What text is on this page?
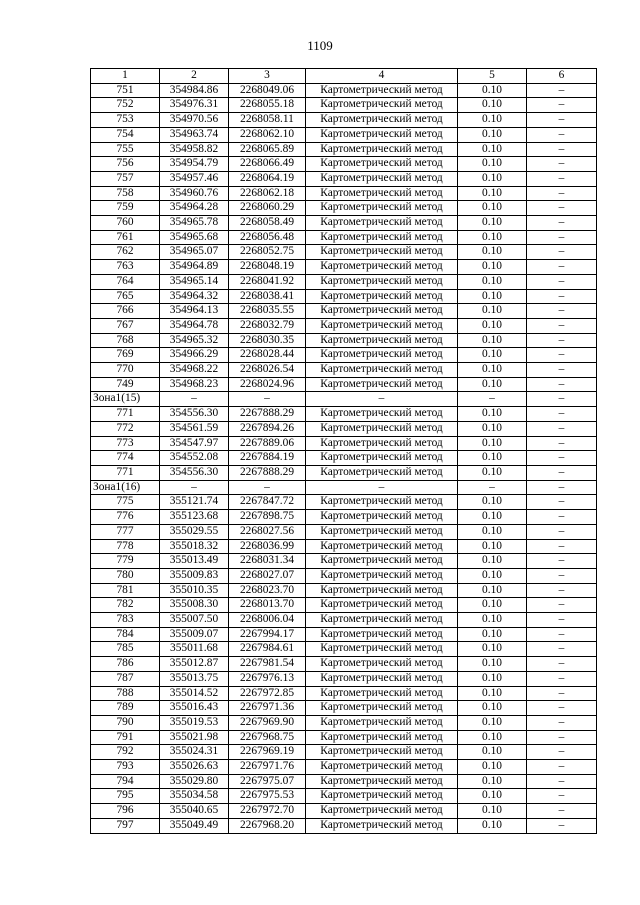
1109
1	2	3	4	5	6
751	354984.86	2268049.06	Картометрический метод	0.10	–
752	354976.31	2268055.18	Картометрический метод	0.10	–
753	354970.56	2268058.11	Картометрический метод	0.10	–
754	354963.74	2268062.10	Картометрический метод	0.10	–
755	354958.82	2268065.89	Картометрический метод	0.10	–
756	354954.79	2268066.49	Картометрический метод	0.10	–
757	354957.46	2268064.19	Картометрический метод	0.10	–
758	354960.76	2268062.18	Картометрический метод	0.10	–
759	354964.28	2268060.29	Картометрический метод	0.10	–
760	354965.78	2268058.49	Картометрический метод	0.10	–
761	354965.68	2268056.48	Картометрический метод	0.10	–
762	354965.07	2268052.75	Картометрический метод	0.10	–
763	354964.89	2268048.19	Картометрический метод	0.10	–
764	354965.14	2268041.92	Картометрический метод	0.10	–
765	354964.32	2268038.41	Картометрический метод	0.10	–
766	354964.13	2268035.55	Картометрический метод	0.10	–
767	354964.78	2268032.79	Картометрический метод	0.10	–
768	354965.32	2268030.35	Картометрический метод	0.10	–
769	354966.29	2268028.44	Картометрический метод	0.10	–
770	354968.22	2268026.54	Картометрический метод	0.10	–
749	354968.23	2268024.96	Картометрический метод	0.10	–
Зона1(15)	–	–	–	–	–
771	354556.30	2267888.29	Картометрический метод	0.10	–
772	354561.59	2267894.26	Картометрический метод	0.10	–
773	354547.97	2267889.06	Картометрический метод	0.10	–
774	354552.08	2267884.19	Картометрический метод	0.10	–
771	354556.30	2267888.29	Картометрический метод	0.10	–
Зона1(16)	–	–	–	–	–
775	355121.74	2267847.72	Картометрический метод	0.10	–
776	355123.68	2267898.75	Картометрический метод	0.10	–
777	355029.55	2268027.56	Картометрический метод	0.10	–
778	355018.32	2268036.99	Картометрический метод	0.10	–
779	355013.49	2268031.34	Картометрический метод	0.10	–
780	355009.83	2268027.07	Картометрический метод	0.10	–
781	355010.35	2268023.70	Картометрический метод	0.10	–
782	355008.30	2268013.70	Картометрический метод	0.10	–
783	355007.50	2268006.04	Картометрический метод	0.10	–
784	355009.07	2267994.17	Картометрический метод	0.10	–
785	355011.68	2267984.61	Картометрический метод	0.10	–
786	355012.87	2267981.54	Картометрический метод	0.10	–
787	355013.75	2267976.13	Картометрический метод	0.10	–
788	355014.52	2267972.85	Картометрический метод	0.10	–
789	355016.43	2267971.36	Картометрический метод	0.10	–
790	355019.53	2267969.90	Картометрический метод	0.10	–
791	355021.98	2267968.75	Картометрический метод	0.10	–
792	355024.31	2267969.19	Картометрический метод	0.10	–
793	355026.63	2267971.76	Картометрический метод	0.10	–
794	355029.80	2267975.07	Картометрический метод	0.10	–
795	355034.58	2267975.53	Картометрический метод	0.10	–
796	355040.65	2267972.70	Картометрический метод	0.10	–
797	355049.49	2267968.20	Картометрический метод	0.10	–
